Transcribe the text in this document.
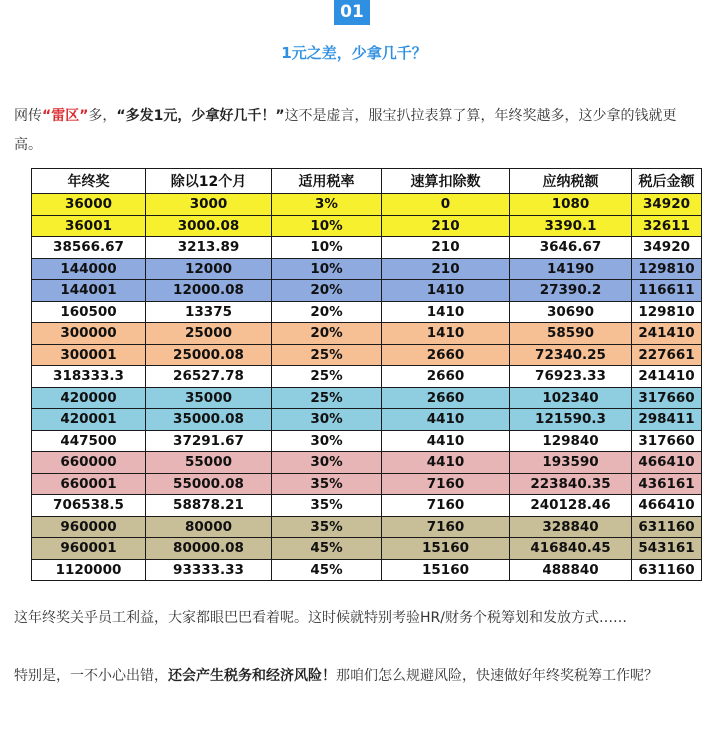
01
1元之差，少拿几千？

网传“雷区”多，“多发1元，少拿好几千！”这不是虚言，服宝扒拉表算了算，年终奖越多，这少拿的钱就更高。

年终奖	除以12个月	适用税率	速算扣除数	应纳税额	税后金额
36000	3000	3%	0	1080	34920
36001	3000.08	10%	210	3390.1	32611
38566.67	3213.89	10%	210	3646.67	34920
144000	12000	10%	210	14190	129810
144001	12000.08	20%	1410	27390.2	116611
160500	13375	20%	1410	30690	129810
300000	25000	20%	1410	58590	241410
300001	25000.08	25%	2660	72340.25	227661
318333.3	26527.78	25%	2660	76923.33	241410
420000	35000	25%	2660	102340	317660
420001	35000.08	30%	4410	121590.3	298411
447500	37291.67	30%	4410	129840	317660
660000	55000	30%	4410	193590	466410
660001	55000.08	35%	7160	223840.35	436161
706538.5	58878.21	35%	7160	240128.46	466410
960000	80000	35%	7160	328840	631160
960001	80000.08	45%	15160	416840.45	543161
1120000	93333.33	45%	15160	488840	631160

这年终奖关乎员工利益，大家都眼巴巴看着呢。这时候就特别考验HR/财务个税筹划和发放方式……

特别是，一不小心出错，还会产生税务和经济风险！那咱们怎么规避风险，快速做好年终奖税筹工作呢？
